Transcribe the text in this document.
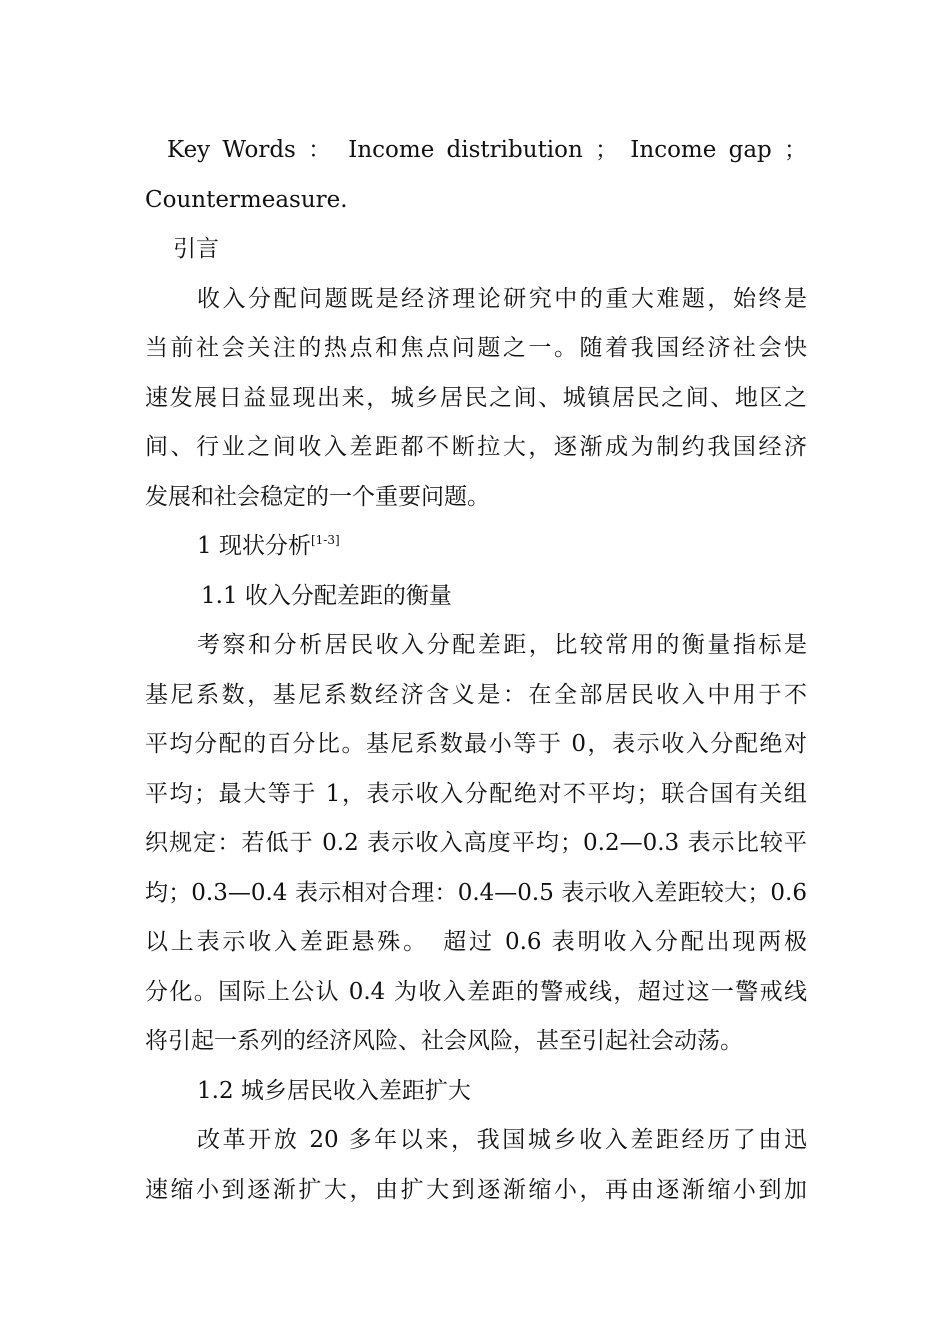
Key Words ： Income distribution ； Income gap ；
Countermeasure.
引言
收入分配问题既是经济理论研究中的重大难题，始终是
当前社会关注的热点和焦点问题之一。随着我国经济社会快
速发展日益显现出来，城乡居民之间、城镇居民之间、地区之
间、行业之间收入差距都不断拉大，逐渐成为制约我国经济
发展和社会稳定的一个重要问题。
1 现状分析[1-3]
1.1 收入分配差距的衡量
考察和分析居民收入分配差距，比较常用的衡量指标是
基尼系数，基尼系数经济含义是：在全部居民收入中用于不
平均分配的百分比。基尼系数最小等于 0，表示收入分配绝对
平均；最大等于 1，表示收入分配绝对不平均；联合国有关组
织规定：若低于 0.2 表示收入高度平均；0.2—0.3 表示比较平
均；0.3—0.4 表示相对合理：0.4—0.5 表示收入差距较大；0.6
以上表示收入差距悬殊。　超过 0.6 表明收入分配出现两极
分化。国际上公认 0.4 为收入差距的警戒线，超过这一警戒线
将引起一系列的经济风险、社会风险，甚至引起社会动荡。
1.2 城乡居民收入差距扩大
改革开放 20 多年以来，我国城乡收入差距经历了由迅
速缩小到逐渐扩大，由扩大到逐渐缩小，再由逐渐缩小到加
